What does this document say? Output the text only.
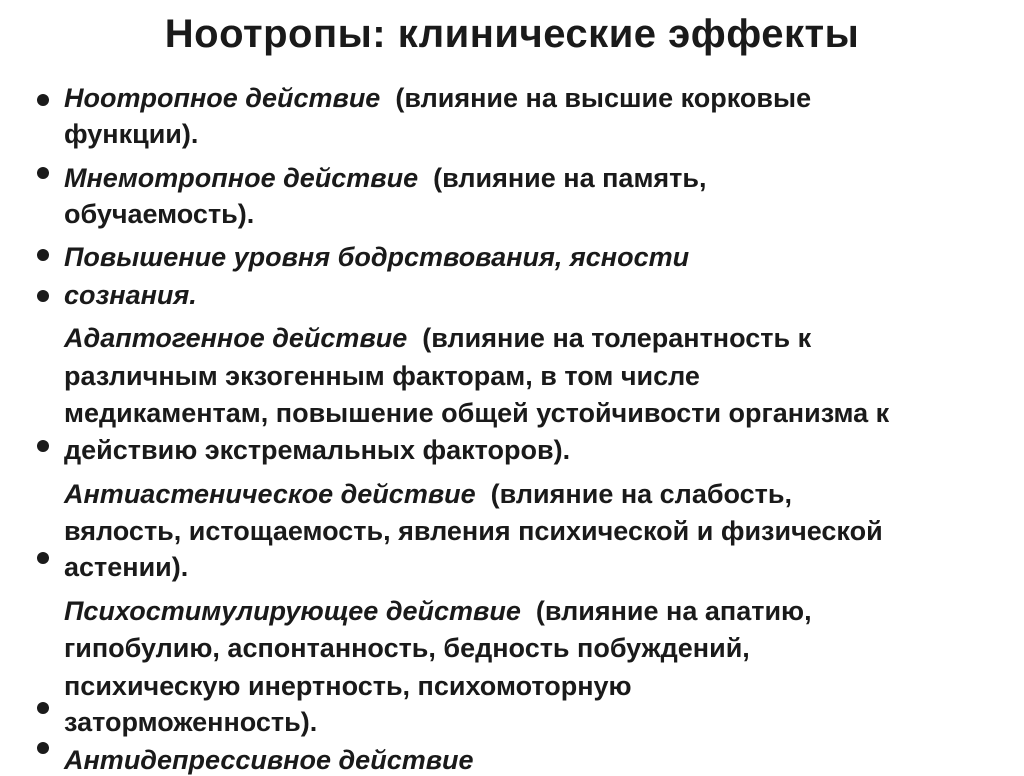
Ноотропы: клинические эффекты
Ноотропное действие (влияние на высшие корковые
функции).
Мнемотропное действие (влияние на память,
обучаемость).
Повышение уровня бодрствования, ясности
сознания.
Адаптогенное действие (влияние на толерантность к
различным экзогенным факторам, в том числе
медикаментам, повышение общей устойчивости организма к
действию экстремальных факторов).
Антиастеническое действие (влияние на слабость,
вялость, истощаемость, явления психической и физической
астении).
Психостимулирующее действие (влияние на апатию,
гипобулию, аспонтанность, бедность побуждений,
психическую инертность, психомоторную
заторможенность).
Антидепрессивное действие
